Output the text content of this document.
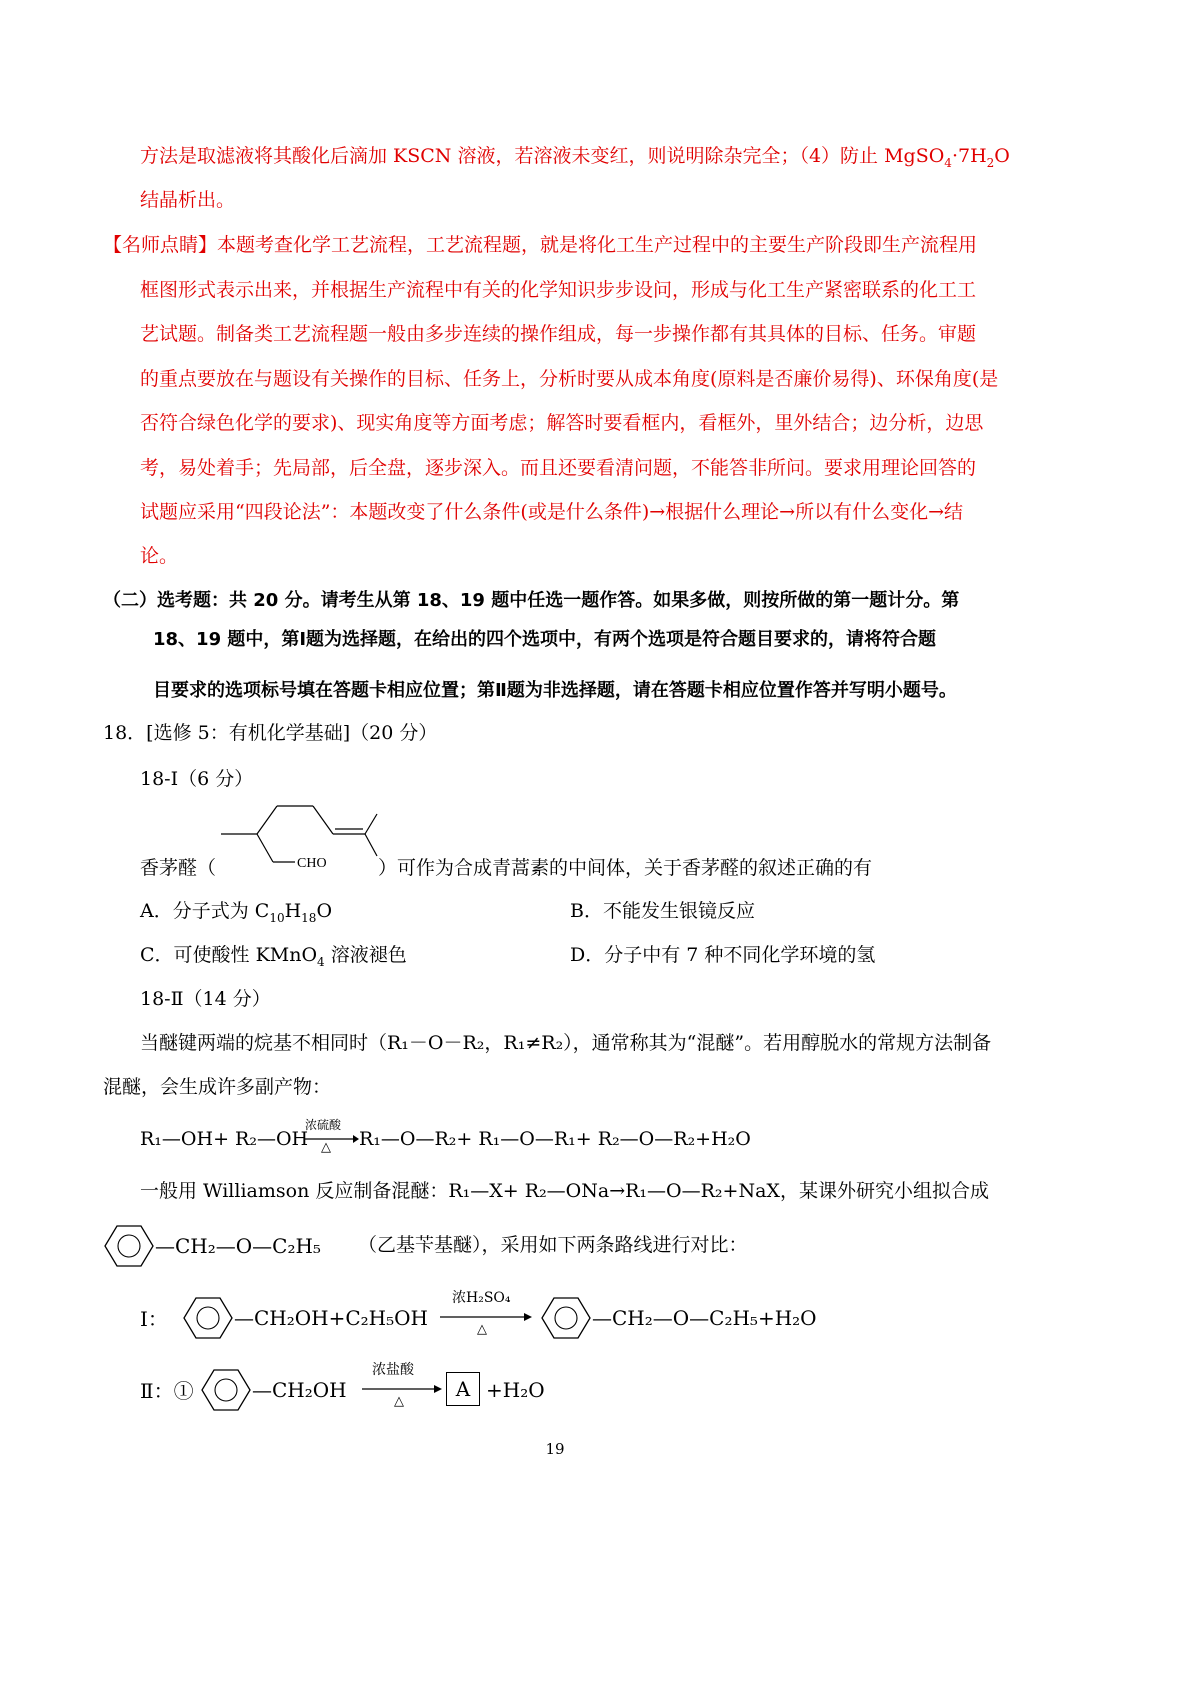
方法是取滤液将其酸化后滴加 KSCN 溶液，若溶液未变红，则说明除杂完全；（4）防止 $MgSO_4\cdot 7H_2O$
结晶析出。
【名师点睛】本题考查化学工艺流程，工艺流程题，就是将化工生产过程中的主要生产阶段即生产流程用
框图形式表示出来，并根据生产流程中有关的化学知识步步设问，形成与化工生产紧密联系的化工工
艺试题。制备类工艺流程题一般由多步连续的操作组成，每一步操作都有其具体的目标、任务。审题
的重点要放在与题设有关操作的目标、任务上，分析时要从成本角度(原料是否廉价易得)、环保角度(是
否符合绿色化学的要求)、现实角度等方面考虑；解答时要看框内，看框外，里外结合；边分析，边思
考，易处着手；先局部，后全盘，逐步深入。而且还要看清问题，不能答非所问。要求用理论回答的
试题应采用“四段论法”：本题改变了什么条件(或是什么条件)→根据什么理论→所以有什么变化→结
论。
（二）选考题：共 20 分。请考生从第 18、19 题中任选一题作答。如果多做，则按所做的第一题计分。第
18、19 题中，第Ⅰ题为选择题，在给出的四个选项中，有两个选项是符合题目要求的，请将符合题
目要求的选项标号填在答题卡相应位置；第Ⅱ题为非选择题，请在答题卡相应位置作答并写明小题号。
18．[选修 5：有机化学基础]（20 分）
18-Ⅰ（6 分）
CHO
香茅醛（	）可作为合成青蒿素的中间体，关于香茅醛的叙述正确的有
A．分子式为 $C_{10}H_{18}O$	B．不能发生银镜反应
C．可使酸性 KMnO$_4$ 溶液褪色	D．分子中有 7 种不同化学环境的氢
18-Ⅱ（14 分）
当醚键两端的烷基不相同时（R₁－O－R₂，R₁≠R₂），通常称其为“混醚”。若用醇脱水的常规方法制备
混醚，会生成许多副产物：
R₁—OH+ R₂—OH
浓硫酸
△ R₁—O—R₂+ R₁—O—R₁+ R₂—O—R₂+H₂O
一般用 Williamson 反应制备混醚：R₁—X+ R₂—ONa→R₁—O—R₂+NaX，某课外研究小组拟合成
—CH₂—O—C₂H₅ （乙基苄基醚），采用如下两条路线进行对比：
Ⅰ：	—CH₂OH+C₂H₅OH
浓H₂SO₄
△	—CH₂—O—C₂H₅+H₂O
Ⅱ：①	—CH₂OH
浓盐酸
△
A +H₂O
19
